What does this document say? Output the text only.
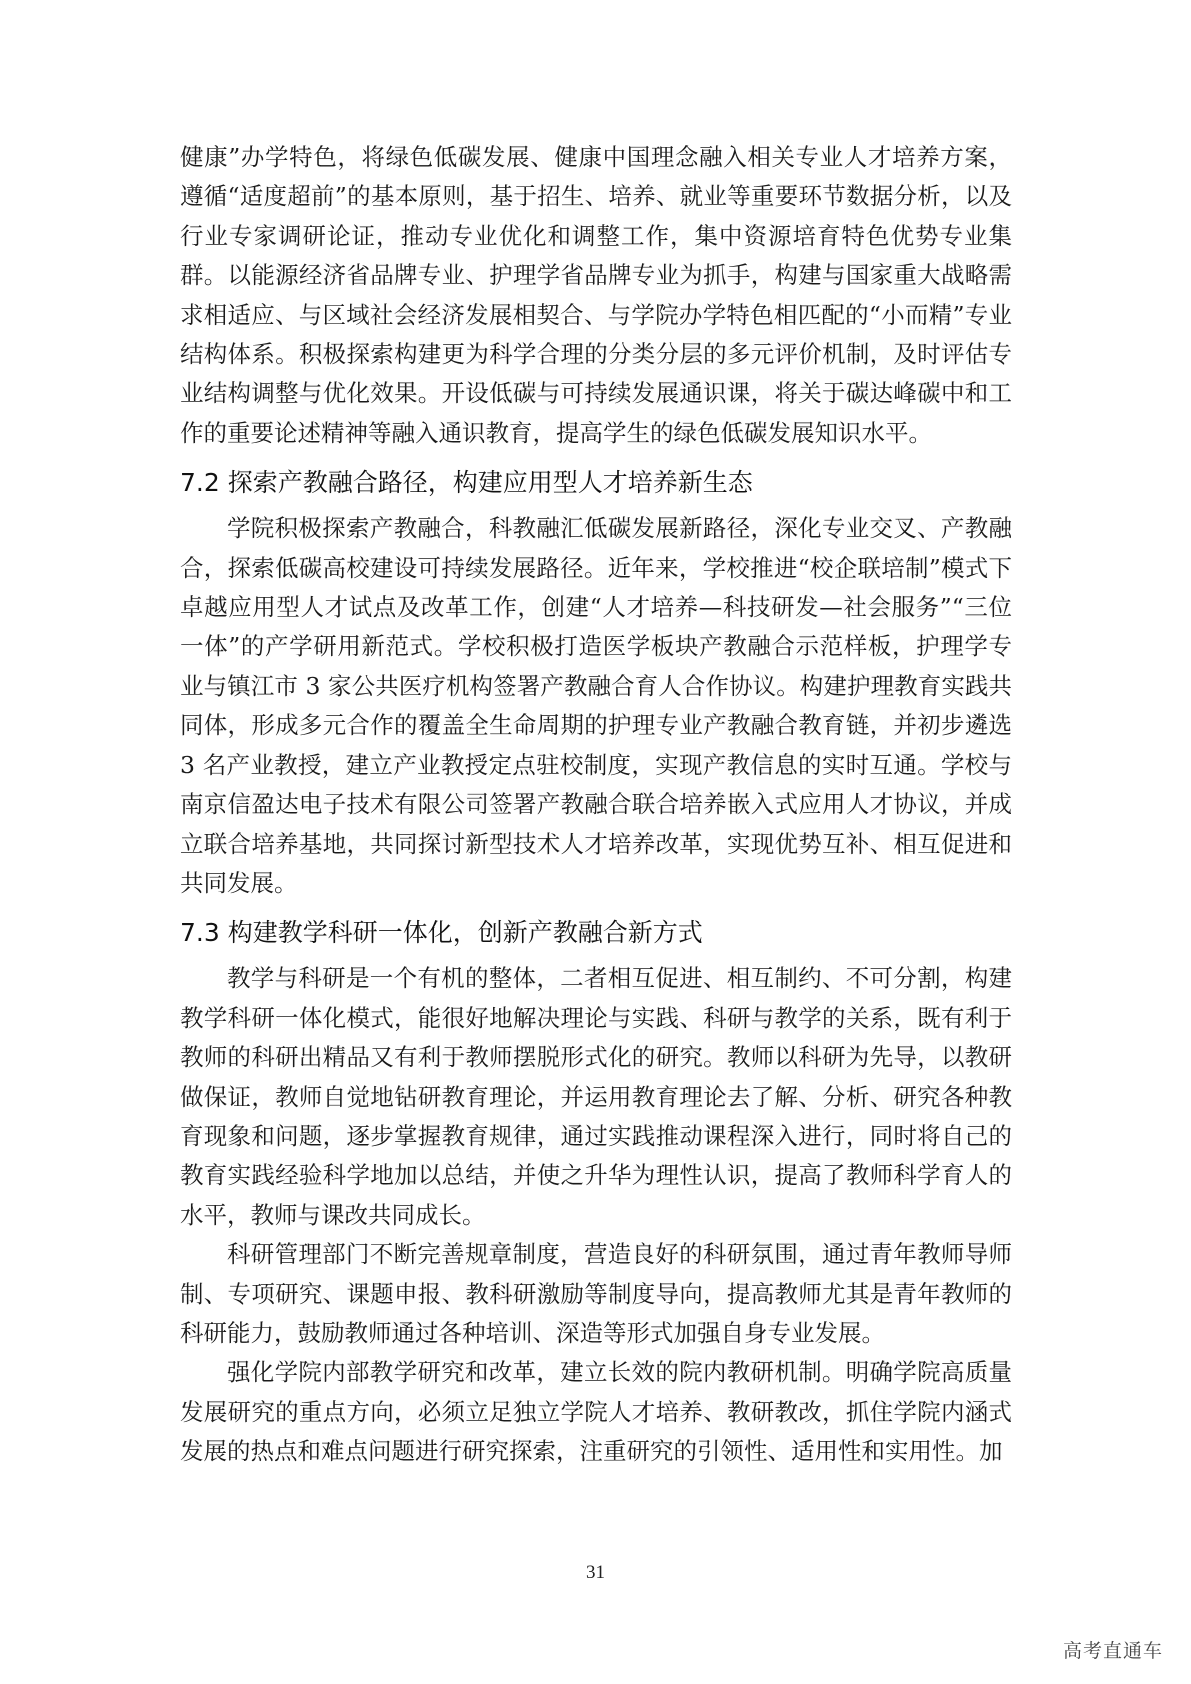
健康”办学特色，将绿色低碳发展、健康中国理念融入相关专业人才培养方案，遵循“适度超前”的基本原则，基于招生、培养、就业等重要环节数据分析，以及行业专家调研论证，推动专业优化和调整工作，集中资源培育特色优势专业集群。以能源经济省品牌专业、护理学省品牌专业为抓手，构建与国家重大战略需求相适应、与区域社会经济发展相契合、与学院办学特色相匹配的“小而精”专业结构体系。积极探索构建更为科学合理的分类分层的多元评价机制，及时评估专业结构调整与优化效果。开设低碳与可持续发展通识课，将关于碳达峰碳中和工作的重要论述精神等融入通识教育，提高学生的绿色低碳发展知识水平。

7.2 探索产教融合路径，构建应用型人才培养新生态

学院积极探索产教融合，科教融汇低碳发展新路径，深化专业交叉、产教融合，探索低碳高校建设可持续发展路径。近年来，学校推进“校企联培制”模式下卓越应用型人才试点及改革工作，创建“人才培养—科技研发—社会服务”“三位一体”的产学研用新范式。学校积极打造医学板块产教融合示范样板，护理学专业与镇江市 3 家公共医疗机构签署产教融合育人合作协议。构建护理教育实践共同体，形成多元合作的覆盖全生命周期的护理专业产教融合教育链，并初步遴选 3 名产业教授，建立产业教授定点驻校制度，实现产教信息的实时互通。学校与南京信盈达电子技术有限公司签署产教融合联合培养嵌入式应用人才协议，并成立联合培养基地，共同探讨新型技术人才培养改革，实现优势互补、相互促进和共同发展。

7.3 构建教学科研一体化，创新产教融合新方式

教学与科研是一个有机的整体，二者相互促进、相互制约、不可分割，构建教学科研一体化模式，能很好地解决理论与实践、科研与教学的关系，既有利于教师的科研出精品又有利于教师摆脱形式化的研究。教师以科研为先导，以教研做保证，教师自觉地钻研教育理论，并运用教育理论去了解、分析、研究各种教育现象和问题，逐步掌握教育规律，通过实践推动课程深入进行，同时将自己的教育实践经验科学地加以总结，并使之升华为理性认识，提高了教师科学育人的水平，教师与课改共同成长。

科研管理部门不断完善规章制度，营造良好的科研氛围，通过青年教师导师制、专项研究、课题申报、教科研激励等制度导向，提高教师尤其是青年教师的科研能力，鼓励教师通过各种培训、深造等形式加强自身专业发展。

强化学院内部教学研究和改革，建立长效的院内教研机制。明确学院高质量发展研究的重点方向，必须立足独立学院人才培养、教研教改，抓住学院内涵式发展的热点和难点问题进行研究探索，注重研究的引领性、适用性和实用性。加

31
高考直通车
